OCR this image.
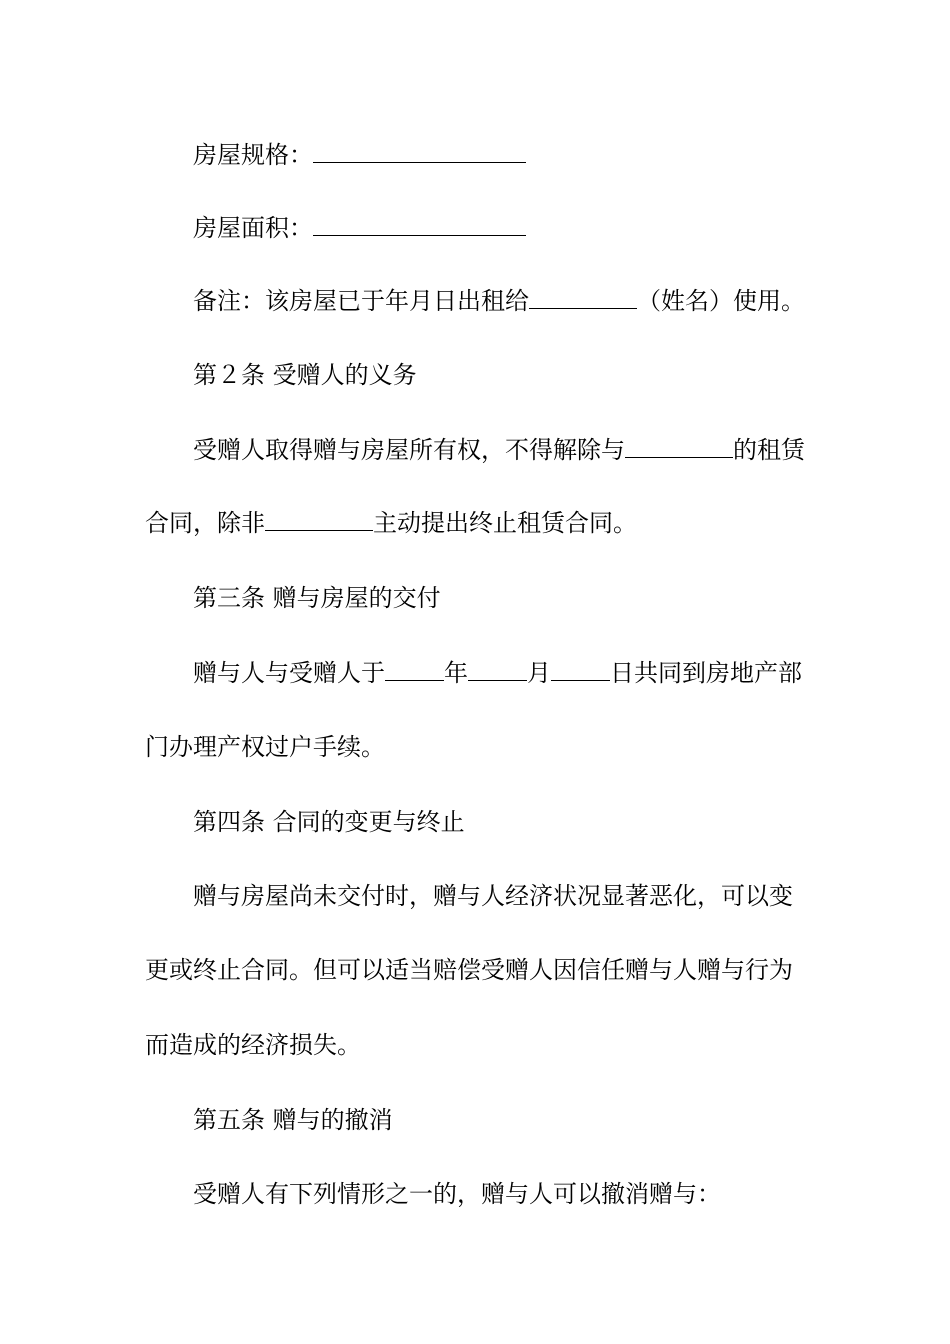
房屋规格：
房屋面积：
备注：该房屋已于年月日出租给	（姓名）使用。
第２条 受赠人的义务
受赠人取得赠与房屋所有权，不得解除与	的租赁
合同，除非	主动提出终止租赁合同。
第三条 赠与房屋的交付
赠与人与受赠人于 年 月 日共同到房地产部
门办理产权过户手续。
第四条 合同的变更与终止
赠与房屋尚未交付时，赠与人经济状况显著恶化，可以变
更或终止合同。但可以适当赔偿受赠人因信任赠与人赠与行为
而造成的经济损失。
第五条 赠与的撤消
受赠人有下列情形之一的，赠与人可以撤消赠与：
